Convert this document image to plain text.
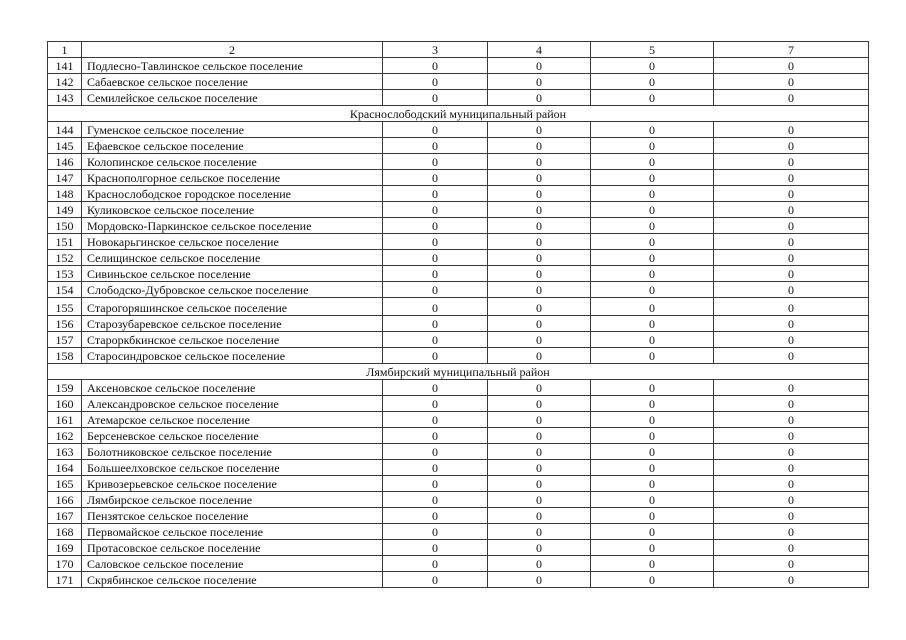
1	2	3	4	5	7
141	Подлесно-Тавлинское сельское поселение	0	0	0	0
142	Сабаевское сельское поселение	0	0	0	0
143	Семилейское сельское поселение	0	0	0	0
Краснослободский муниципальный район					
144	Гуменское сельское поселение	0	0	0	0
145	Ефаевское сельское поселение	0	0	0	0
146	Колопинское сельское поселение	0	0	0	0
147	Краснополгорное сельское поселение	0	0	0	0
148	Краснослободское городское поселение	0	0	0	0
149	Куликовское сельское поселение	0	0	0	0
150	Мордовско-Паркинское сельское поселение	0	0	0	0
151	Новокарьгинское сельское поселение	0	0	0	0
152	Селищинское сельское поселение	0	0	0	0
153	Сивиньское сельское поселение	0	0	0	0
154	Слободско-Дубровское сельское поселение	0	0	0	0
155	Старогоряшинское сельское поселение	0	0	0	0
156	Старозубаревское сельское поселение	0	0	0	0
157	Староркбкинское сельское поселение	0	0	0	0
158	Старосиндровское сельское поселение	0	0	0	0
Лямбирский муниципальный район					
159	Аксеновское сельское поселение	0	0	0	0
160	Александровское сельское поселение	0	0	0	0
161	Атемарское сельское поселение	0	0	0	0
162	Берсеневское сельское поселение	0	0	0	0
163	Болотниковское сельское поселение	0	0	0	0
164	Большеелховское сельское поселение	0	0	0	0
165	Кривозерьевское сельское поселение	0	0	0	0
166	Лямбирское сельское поселение	0	0	0	0
167	Пензятское сельское поселение	0	0	0	0
168	Первомайское сельское поселение	0	0	0	0
169	Протасовское сельское поселение	0	0	0	0
170	Саловское сельское поселение	0	0	0	0
171	Скрябинское сельское поселение	0	0	0	0
